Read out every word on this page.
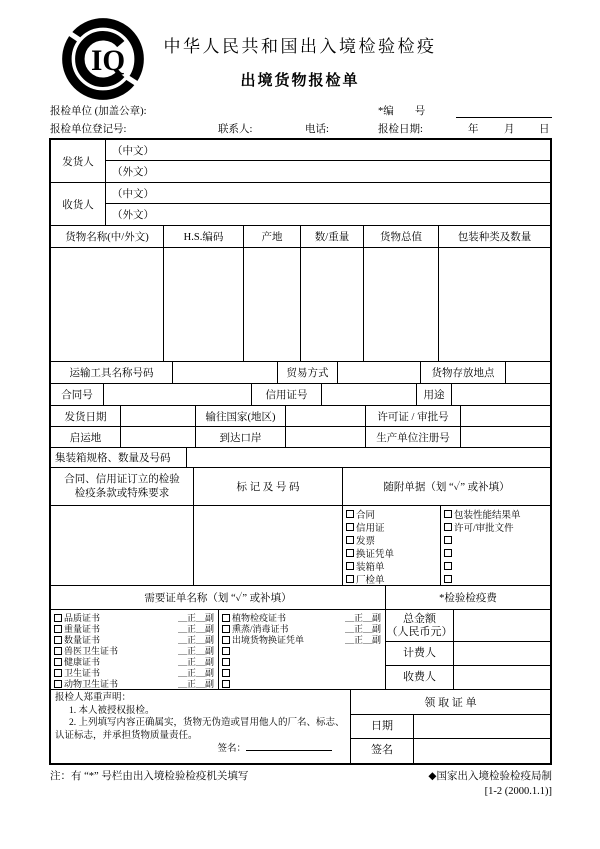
IQ	中华人民共和国出入境检验检疫
出境货物报检单
报检单位 (加盖公章):	*编　　号
报检单位登记号:	联系人:	电话:	报检日期:	年 月 日
发货人
（中文）
（外文）
收货人
（中文）
（外文）
货物名称(中/外文)	H.S.编码	产地	数/重量	货物总值	包装种类及数量
运输工具名称号码	贸易方式	货物存放地点
合同号	信用证号	用途
发货日期	输往国家(地区)	许可证 / 审批号
启运地	到达口岸	生产单位注册号
集装箱规格、数量及号码
合同、信用证订立的检验
检疫条款或特殊要求	标 记 及 号 码	随附单据（划 “✓” 或补填）
合同
信用证
发票
换证凭单
装箱单
厂检单
包装性能结果单
许可/审批文件
需要证单名称（划 “✓” 或补填）	*检验检疫费
品质证书	＿正＿副
重量证书	＿正＿副
数量证书	＿正＿副
兽医卫生证书	＿正＿副
健康证书	＿正＿副
卫生证书	＿正＿副
动物卫生证书	＿正＿副
植物检疫证书	＿正＿副
熏蒸/消毒证书	＿正＿副
出境货物换证凭单	＿正＿副
总金额
（人民币元）
计费人
收费人
报检人郑重声明：
1. 本人被授权报检。
2. 上列填写内容正确属实，货物无伪造或冒用他人的厂名、标志、认证标志，并承担货物质量责任。
签名：
领 取 证 单
日期
签名
注：有 “*” 号栏由出入境检验检疫机关填写	◆国家出入境检验检疫局制
[1-2 (2000.1.1)]
